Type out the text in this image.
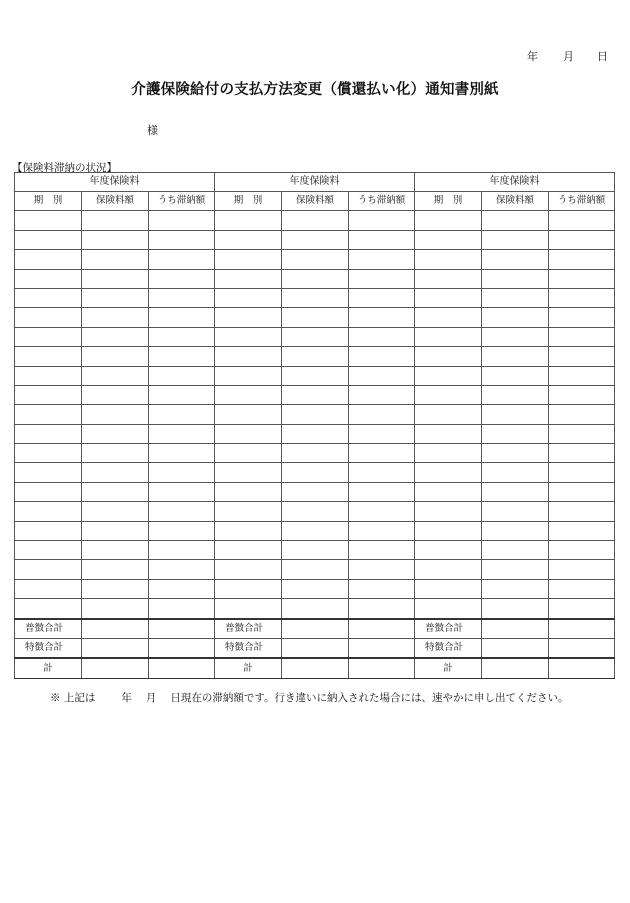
年 月 日
介護保険給付の支払方法変更（償還払い化）通知書別紙
様
【保険料滞納の状況】
年度保険料			年度保険料			年度保険料		
期　別	保険料額	うち滞納額	期　別	保険料額	うち滞納額	期　別	保険料額	うち滞納額

普徴合計			普徴合計			普徴合計		
特徴合計			特徴合計			特徴合計		
計			計			計		
※ 上記は 年 月 日現在の滞納額です。行き違いに納入された場合には、速やかに申し出てください。
